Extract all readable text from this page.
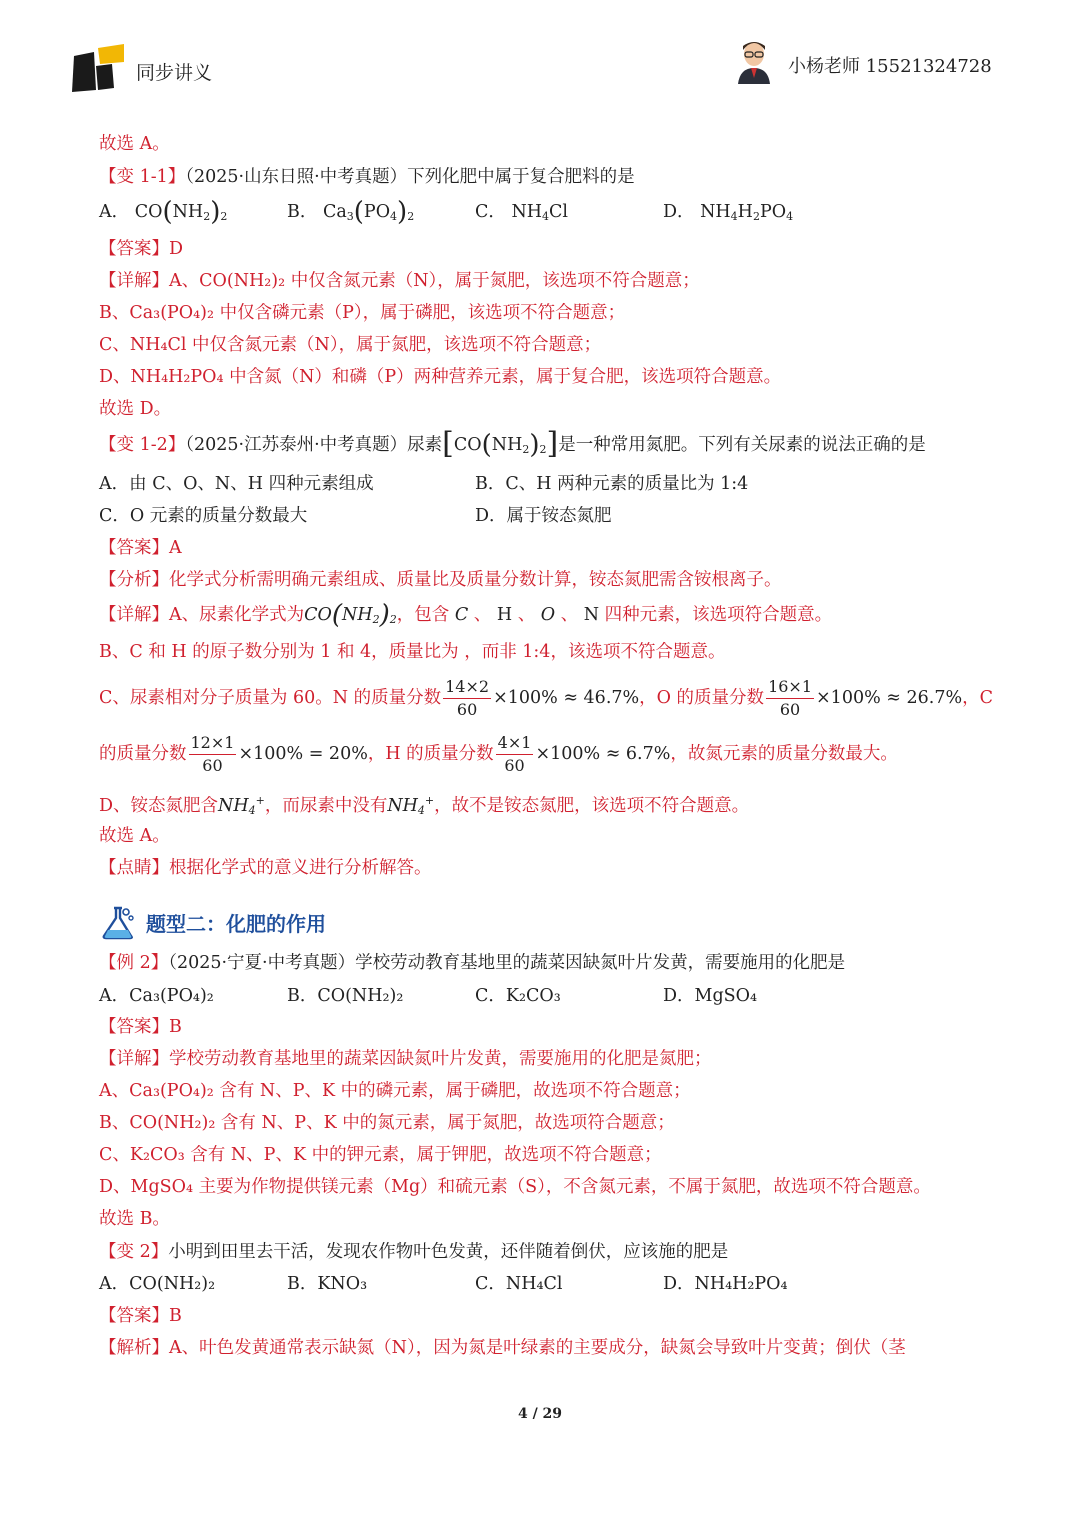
同步讲义	小杨老师 15521324728
故选 A。
【变 1-1】（2025·山东日照·中考真题）下列化肥中属于复合肥料的是
A． $CO(NH_2)_2$	B． $Ca_3(PO_4)_2$	C． $NH_4Cl$	D． $NH_4H_2PO_4$
【答案】D
【详解】A、CO(NH₂)₂ 中仅含氮元素（N），属于氮肥，该选项不符合题意；
B、Ca₃(PO₄)₂ 中仅含磷元素（P），属于磷肥，该选项不符合题意；
C、NH₄Cl 中仅含氮元素（N），属于氮肥，该选项不符合题意；
D、NH₄H₂PO₄ 中含氮（N）和磷（P）两种营养元素，属于复合肥，该选项符合题意。
故选 D。
【变 1-2】（2025·江苏泰州·中考真题）尿素$[CO(NH_2)_2]$是一种常用氮肥。下列有关尿素的说法正确的是
A．由 C、O、N、H 四种元素组成	B．C、H 两种元素的质量比为 1:4
C．O 元素的质量分数最大	D．属于铵态氮肥
【答案】A
【分析】化学式分析需明确元素组成、质量比及质量分数计算，铵态氮肥需含铵根离子。
【详解】A、尿素化学式为$CO(NH_2)_2$，包含 C 、 H 、 O 、 N 四种元素，该选项符合题意。
B、C 和 H 的原子数分别为 1 和 4，质量比为 ，而非 1:4，该选项不符合题意。
C、尿素相对分子质量为 60。N 的质量分数 $\frac{14\times 2}{60} \times 100\% \approx 46.7\%$，O 的质量分数 $\frac{16\times 1}{60} \times 100\% \approx 26.7\%$，C
的质量分数 $\frac{12\times 1}{60} \times 100\% = 20\%$，H 的质量分数 $\frac{4\times 1}{60} \times 100\% \approx 6.7\%$，故氮元素的质量分数最大。
D、铵态氮肥含$NH_4^+$，而尿素中没有$NH_4^+$，故不是铵态氮肥，该选项不符合题意。
故选 A。
【点睛】根据化学式的意义进行分析解答。
题型二：化肥的作用
【例 2】（2025·宁夏·中考真题）学校劳动教育基地里的蔬菜因缺氮叶片发黄，需要施用的化肥是
A．Ca₃(PO₄)₂	B．CO(NH₂)₂	C．K₂CO₃	D．MgSO₄
【答案】B
【详解】学校劳动教育基地里的蔬菜因缺氮叶片发黄，需要施用的化肥是氮肥；
A、Ca₃(PO₄)₂ 含有 N、P、K 中的磷元素，属于磷肥，故选项不符合题意；
B、CO(NH₂)₂ 含有 N、P、K 中的氮元素，属于氮肥，故选项符合题意；
C、K₂CO₃ 含有 N、P、K 中的钾元素，属于钾肥，故选项不符合题意；
D、MgSO₄ 主要为作物提供镁元素（Mg）和硫元素（S），不含氮元素，不属于氮肥，故选项不符合题意。
故选 B。
【变 2】小明到田里去干活，发现农作物叶色发黄，还伴随着倒伏，应该施的肥是
A．CO(NH₂)₂	B．KNO₃	C．NH₄Cl	D．NH₄H₂PO₄
【答案】B
【解析】A、叶色发黄通常表示缺氮（N），因为氮是叶绿素的主要成分，缺氮会导致叶片变黄；倒伏（茎
4 / 29
